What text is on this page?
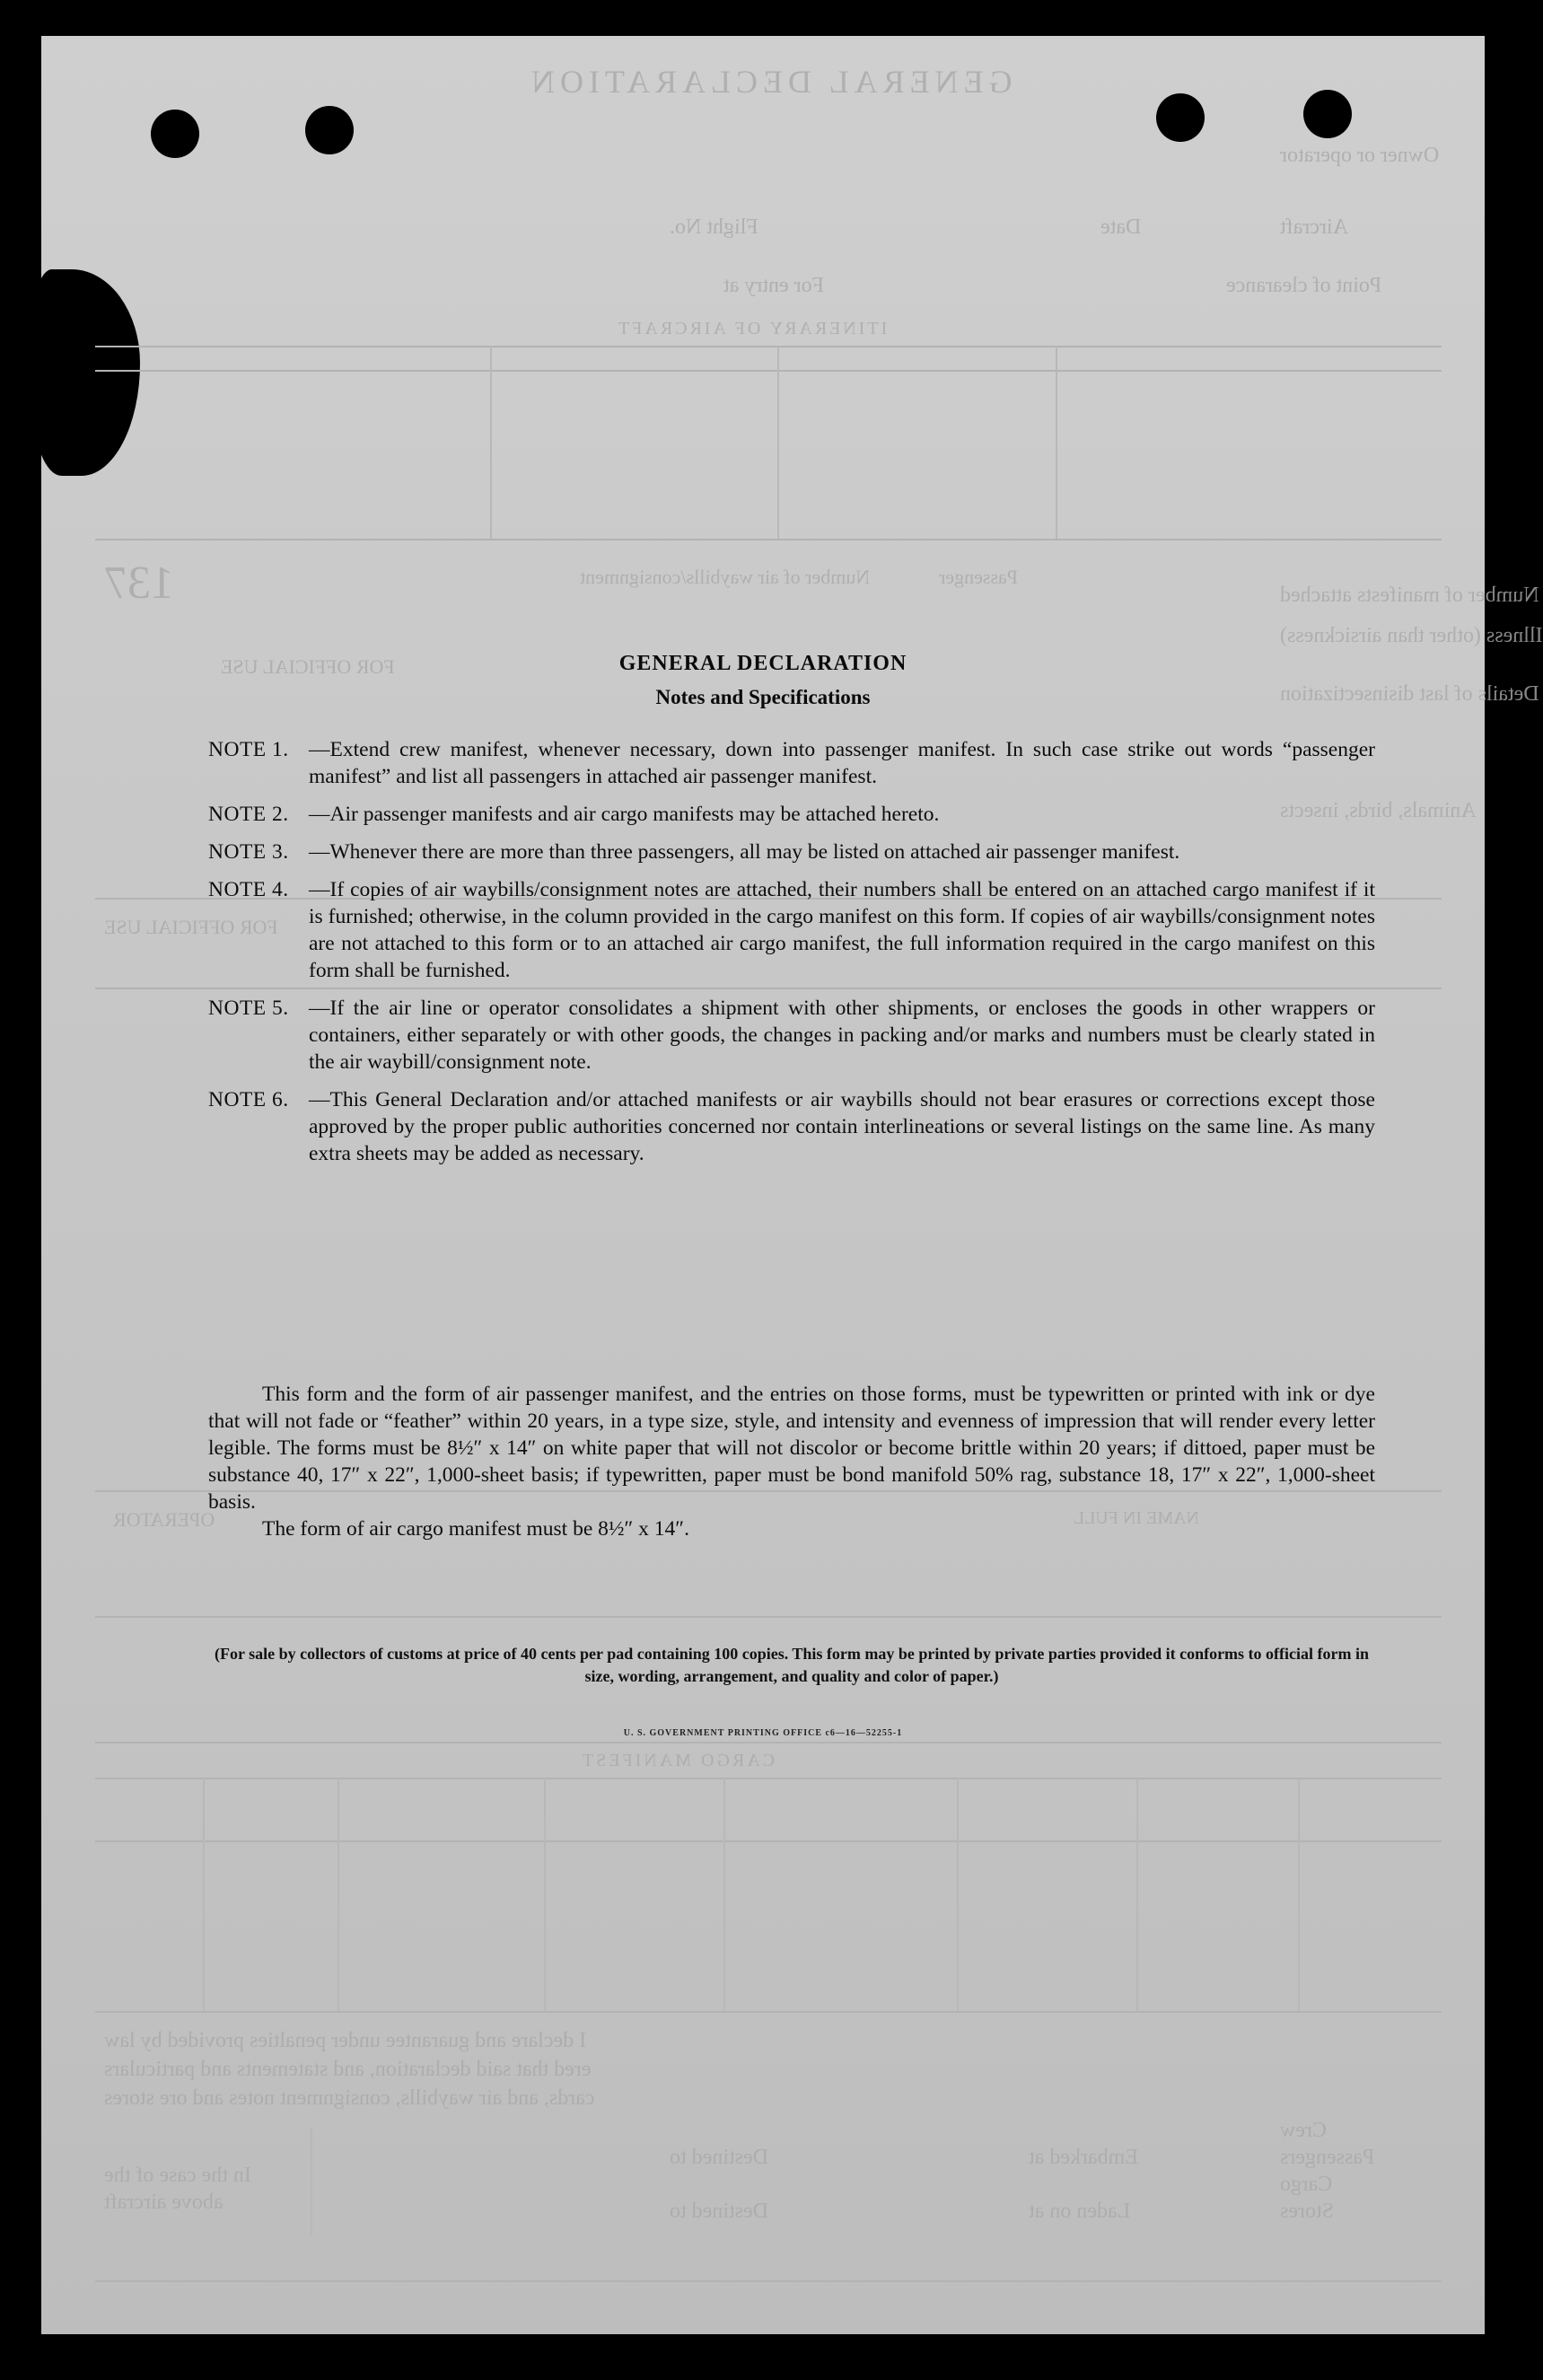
GENERAL DECLARATION
Owner or operator
Date
Flight No.	Aircraft
Point of clearance
For entry at
ITINERARY OF AIRCRAFT
Number of manifests attached
Passenger
Number of air waybills/consignment
137
Illness (other than airsickness)
FOR OFFICIAL USE
Details of last disinsectization
Animals, birds, insects
FOR OFFICIAL USE
OPERATOR	NAME IN FULL
CARGO MANIFEST
I declare and guarantee under penalties provided by law
ered that said declaration, and statements and particulars
cards, and air waybills, consignment notes and ore stores
Crew
Passengers
Cargo
Stores
Embarked at
Destined to
Laden on at
Destined to
In the case of the
above aircraft
GENERAL DECLARATION
Notes and Specifications
NOTE 1. —Extend crew manifest, whenever necessary, down into passenger manifest. In such case strike out words “passenger manifest” and list all passengers in attached air passenger manifest.
NOTE 2. —Air passenger manifests and air cargo manifests may be attached hereto.
NOTE 3. —Whenever there are more than three passengers, all may be listed on attached air passenger manifest.
NOTE 4. —If copies of air waybills/consignment notes are attached, their numbers shall be entered on an attached cargo manifest if it is furnished; otherwise, in the column provided in the cargo manifest on this form. If copies of air waybills/consignment notes are not attached to this form or to an attached air cargo manifest, the full information required in the cargo manifest on this form shall be furnished.
NOTE 5. —If the air line or operator consolidates a shipment with other shipments, or encloses the goods in other wrappers or containers, either separately or with other goods, the changes in packing and/or marks and numbers must be clearly stated in the air waybill/consignment note.
NOTE 6. —This General Declaration and/or attached manifests or air waybills should not bear erasures or corrections except those approved by the proper public authorities concerned nor contain interlineations or several listings on the same line. As many extra sheets may be added as necessary.

This form and the form of air passenger manifest, and the entries on those forms, must be typewritten or printed with ink or dye that will not fade or “feather” within 20 years, in a type size, style, and intensity and evenness of impression that will render every letter legible. The forms must be 8½″ x 14″ on white paper that will not discolor or become brittle within 20 years; if dittoed, paper must be substance 40, 17″ x 22″, 1,000-sheet basis; if typewritten, paper must be bond manifold 50% rag, substance 18, 17″ x 22″, 1,000-sheet basis.

The form of air cargo manifest must be 8½″ x 14″.

(For sale by collectors of customs at price of 40 cents per pad containing 100 copies. This form may be printed by private parties provided it conforms to official form in size, wording, arrangement, and quality and color of paper.)
U. S. GOVERNMENT PRINTING OFFICE c6—16—52255-1
